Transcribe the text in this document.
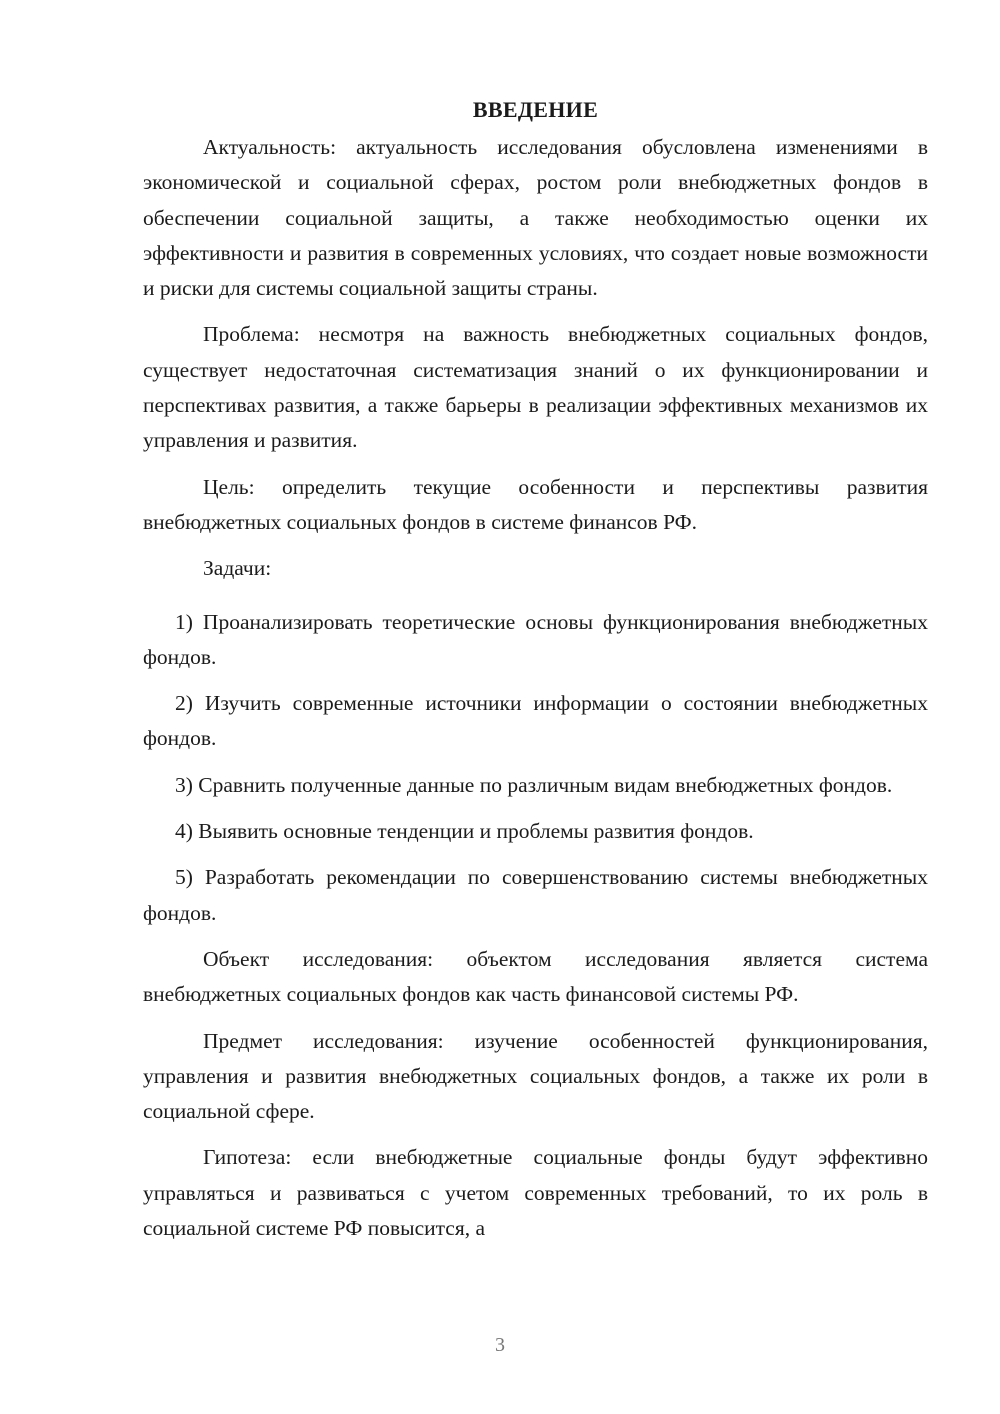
ВВЕДЕНИЕ

Актуальность: актуальность исследования обусловлена изменениями в экономической и социальной сферах, ростом роли внебюджетных фондов в обеспечении социальной защиты, а также необходимостью оценки их эффективности и развития в современных условиях, что создает новые возможности и риски для системы социальной защиты страны.

Проблема: несмотря на важность внебюджетных социальных фондов, существует недостаточная систематизация знаний о их функционировании и перспективах развития, а также барьеры в реализации эффективных механизмов их управления и развития.

Цель: определить текущие особенности и перспективы развития внебюджетных социальных фондов в системе финансов РФ.

Задачи:

1) Проанализировать теоретические основы функционирования внебюджетных фондов.

2) Изучить современные источники информации о состоянии внебюджетных фондов.

3) Сравнить полученные данные по различным видам внебюджетных фондов.

4) Выявить основные тенденции и проблемы развития фондов.

5) Разработать рекомендации по совершенствованию системы внебюджетных фондов.

Объект исследования: объектом исследования является система внебюджетных социальных фондов как часть финансовой системы РФ.

Предмет исследования: изучение особенностей функционирования, управления и развития внебюджетных социальных фондов, а также их роли в социальной сфере.

Гипотеза: если внебюджетные социальные фонды будут эффективно управляться и развиваться с учетом современных требований, то их роль в социальной системе РФ повысится, а

3
